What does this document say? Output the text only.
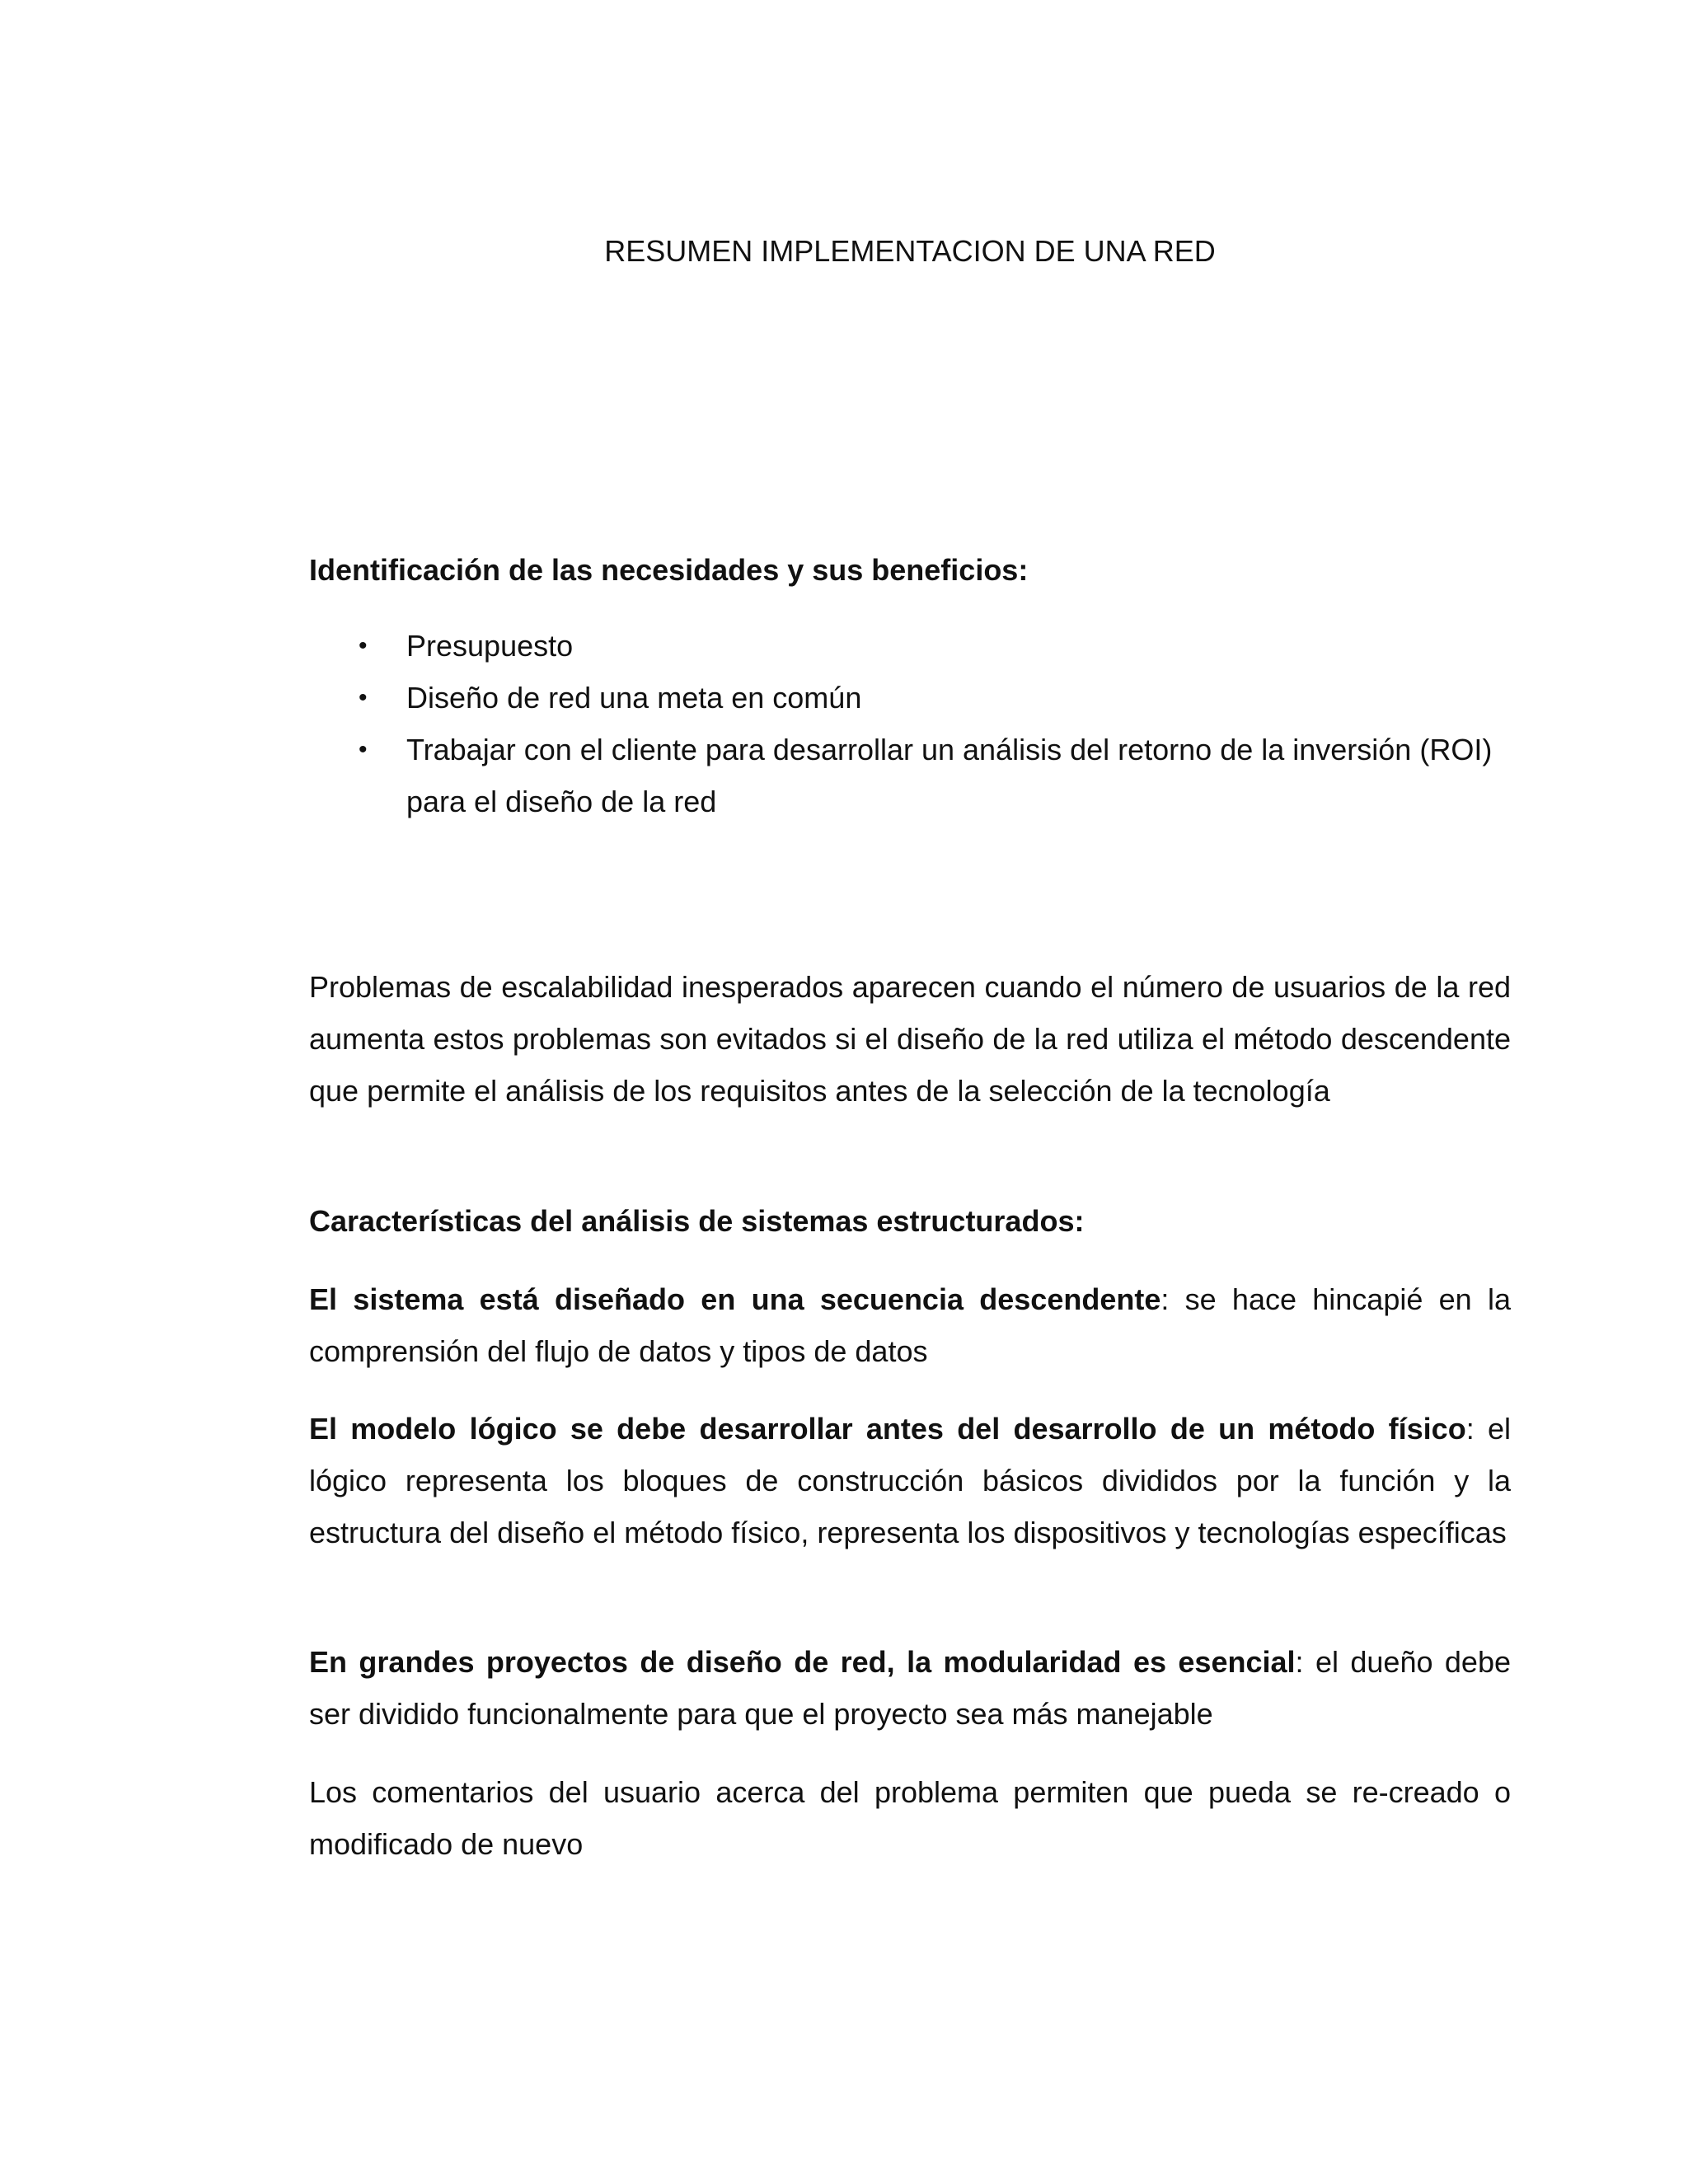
RESUMEN IMPLEMENTACION DE UNA RED
Identificación de las necesidades y sus beneficios:
• Presupuesto
• Diseño de red una meta en común
• Trabajar con el cliente para desarrollar un análisis del retorno de la inversión (ROI) para el diseño de la red
Problemas de escalabilidad inesperados aparecen cuando el número de usuarios de la red aumenta estos problemas son evitados si el diseño de la red utiliza el método descendente que permite el análisis de los requisitos antes de la selección de la tecnología
Características del análisis de sistemas estructurados:
El sistema está diseñado en una secuencia descendente: se hace hincapié en la comprensión del flujo de datos y tipos de datos
El modelo lógico se debe desarrollar antes del desarrollo de un método físico: el lógico representa los bloques de construcción básicos divididos por la función y la estructura del diseño el método físico, representa los dispositivos y tecnologías específicas
En grandes proyectos de diseño de red, la modularidad es esencial: el dueño debe ser dividido funcionalmente para que el proyecto sea más manejable
Los comentarios del usuario acerca del problema permiten que pueda se re-creado o modificado de nuevo
